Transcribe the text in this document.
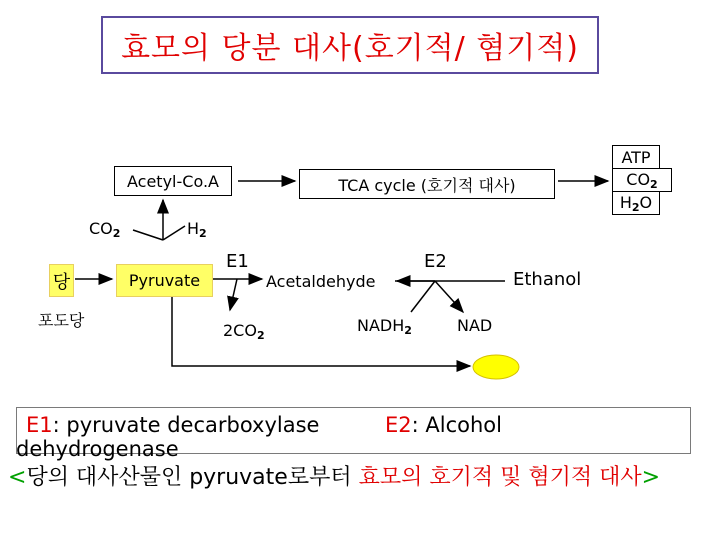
효모의 당분 대사(호기적/ 혐기적)
Acetyl-Co.A	TCA cycle (호기적 대사)
ATP
$CO_2$
$H_2O$
$CO_2$	$H_2$
당
포도당
Pyruvate
E1
Acetaldehyde
E2
Ethanol
$2CO_2$
$NADH_2$	NAD
E1: pyruvate decarboxylase	E2: Alcohol
dehydrogenase
<당의 대사산물인 pyruvate로부터 효모의 호기적 및 혐기적 대사>
